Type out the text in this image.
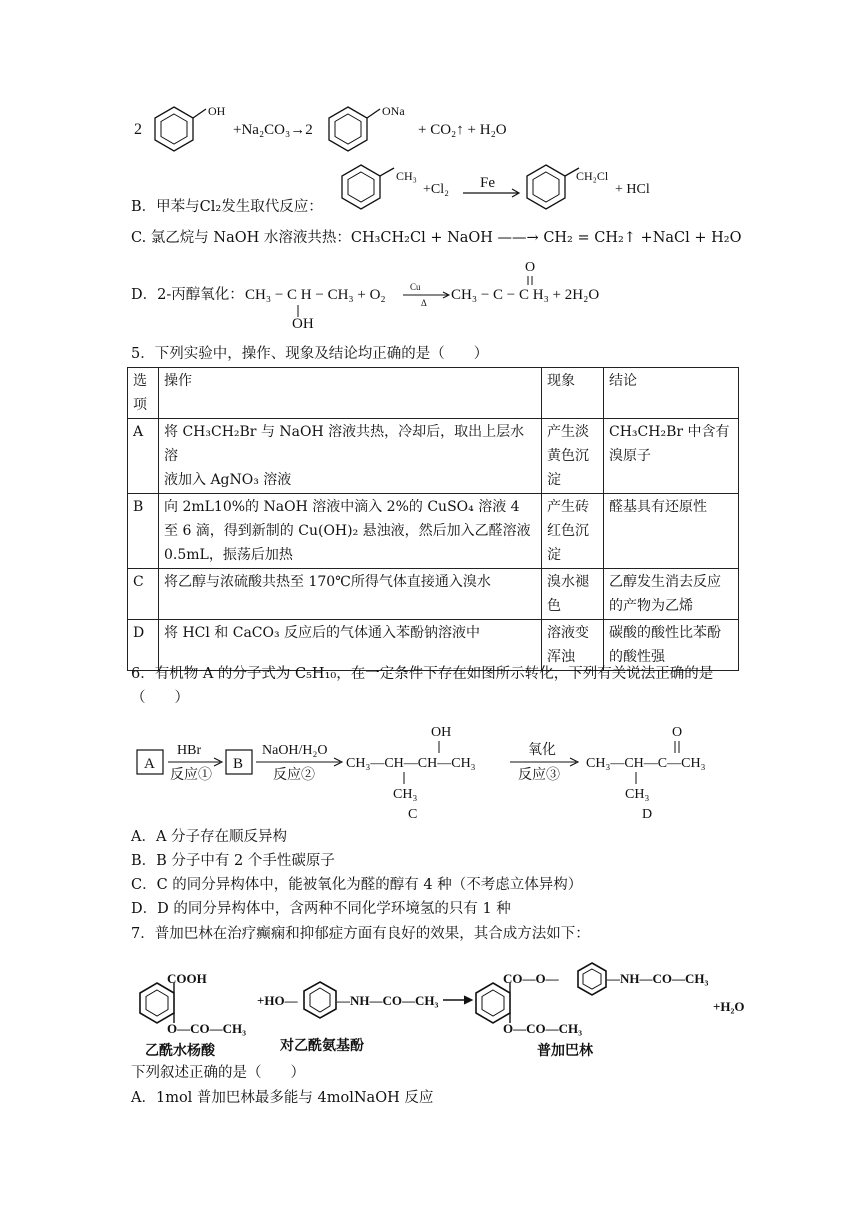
2
OH
+Na₂CO₃→2
ONa
+ CO₂↑ + H₂O
B．甲苯与Cl₂发生取代反应：
CH₃
+Cl₂ Fe	CH₂Cl
+ HCl
C. 氯乙烷与 NaOH 水溶液共热：CH₃CH₂Cl + NaOH ——→ CH₂ = CH₂↑ +NaCl + H₂O
D．2-丙醇氧化： CH₃ − C H − CH₃ + O₂
OH
Cu
Δ CH₃ − C − C H₃ + 2H₂O
O
5．下列实验中，操作、现象及结论均正确的是（　　）
选项	操作	现象	结论
A	将 CH₃CH₂Br 与 NaOH 溶液共热，冷却后，取出上层水溶
液加入 AgNO₃ 溶液	产生淡黄色沉淀	CH₃CH₂Br 中含有溴原子
B	向 2mL10%的 NaOH 溶液中滴入 2%的 CuSO₄ 溶液 4 至 6 滴，得到新制的 Cu(OH)₂ 悬浊液，然后加入乙醛溶液 0.5mL，振荡后加热	产生砖红色沉淀	醛基具有还原性
C	将乙醇与浓硫酸共热至 170℃所得气体直接通入溴水	溴水褪色	乙醇发生消去反应的产物为乙烯
D	将 HCl 和 CaCO₃ 反应后的气体通入苯酚钠溶液中	溶液变浑浊	碳酸的酸性比苯酚的酸性强
6．有机物 A 的分子式为 C₅H₁₀，在一定条件下存在如图所示转化，下列有关说法正确的是
（　　）
A
HBr
反应①
B
NaOH/H₂O
反应②
CH₃—CH—CH—CH₃
OH
CH₃
C
氧化
反应③
CH₃—CH—C—CH₃
O
CH₃
D
A．A 分子存在顺反异构
B．B 分子中有 2 个手性碳原子
C．C 的同分异构体中，能被氧化为醛的醇有 4 种（不考虑立体异构）
D．D 的同分异构体中，含两种不同化学环境氢的只有 1 种
7．普加巴林在治疗癫痫和抑郁症方面有良好的效果，其合成方法如下：
COOH
O—CO—CH₃
+HO—	—NH—CO—CH₃
CO—O—	—NH—CO—CH₃
O—CO—CH₃
+H₂O
乙酰水杨酸	对乙酰氨基酚	普加巴林
下列叙述正确的是（　　）
A．1mol 普加巴林最多能与 4molNaOH 反应
